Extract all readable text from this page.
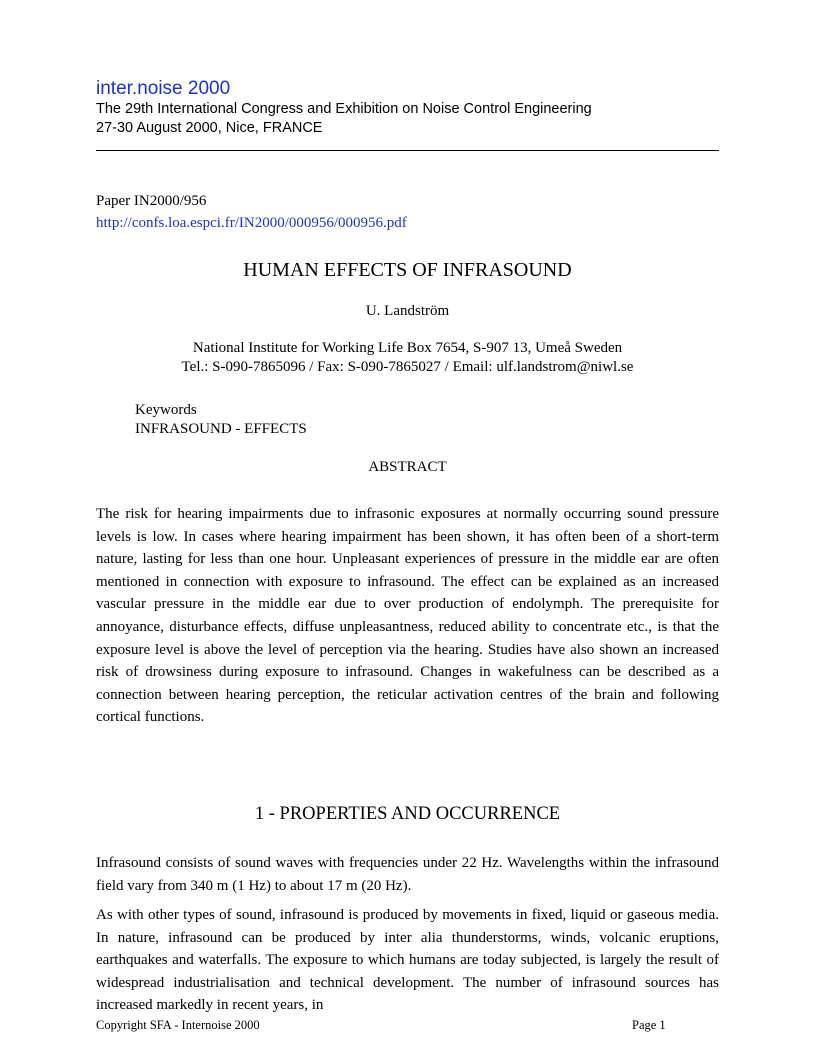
inter.noise 2000
The 29th International Congress and Exhibition on Noise Control Engineering
27-30 August 2000, Nice, FRANCE
Paper IN2000/956
http://confs.loa.espci.fr/IN2000/000956/000956.pdf
HUMAN EFFECTS OF INFRASOUND
U. Landström
National Institute for Working Life Box 7654, S-907 13, Umeå Sweden
Tel.: S-090-7865096 / Fax: S-090-7865027 / Email: ulf.landstrom@niwl.se
Keywords
INFRASOUND - EFFECTS
ABSTRACT

The risk for hearing impairments due to infrasonic exposures at normally occurring sound pressure levels is low. In cases where hearing impairment has been shown, it has often been of a short-term nature, lasting for less than one hour. Unpleasant experiences of pressure in the middle ear are often mentioned in connection with exposure to infrasound. The effect can be explained as an increased vascular pressure in the middle ear due to over production of endolymph. The prerequisite for annoyance, disturbance effects, diffuse unpleasantness, reduced ability to concentrate etc., is that the exposure level is above the level of perception via the hearing. Studies have also shown an increased risk of drowsiness during exposure to infrasound. Changes in wakefulness can be described as a connection between hearing perception, the reticular activation centres of the brain and following cortical functions.

1 - PROPERTIES AND OCCURRENCE

Infrasound consists of sound waves with frequencies under 22 Hz. Wavelengths within the infrasound field vary from 340 m (1 Hz) to about 17 m (20 Hz).

As with other types of sound, infrasound is produced by movements in fixed, liquid or gaseous media. In nature, infrasound can be produced by inter alia thunderstorms, winds, volcanic eruptions, earthquakes and waterfalls. The exposure to which humans are today subjected, is largely the result of widespread industrialisation and technical development. The number of infrasound sources has increased markedly in recent years, in

Copyright SFA - Internoise 2000	Page 1
